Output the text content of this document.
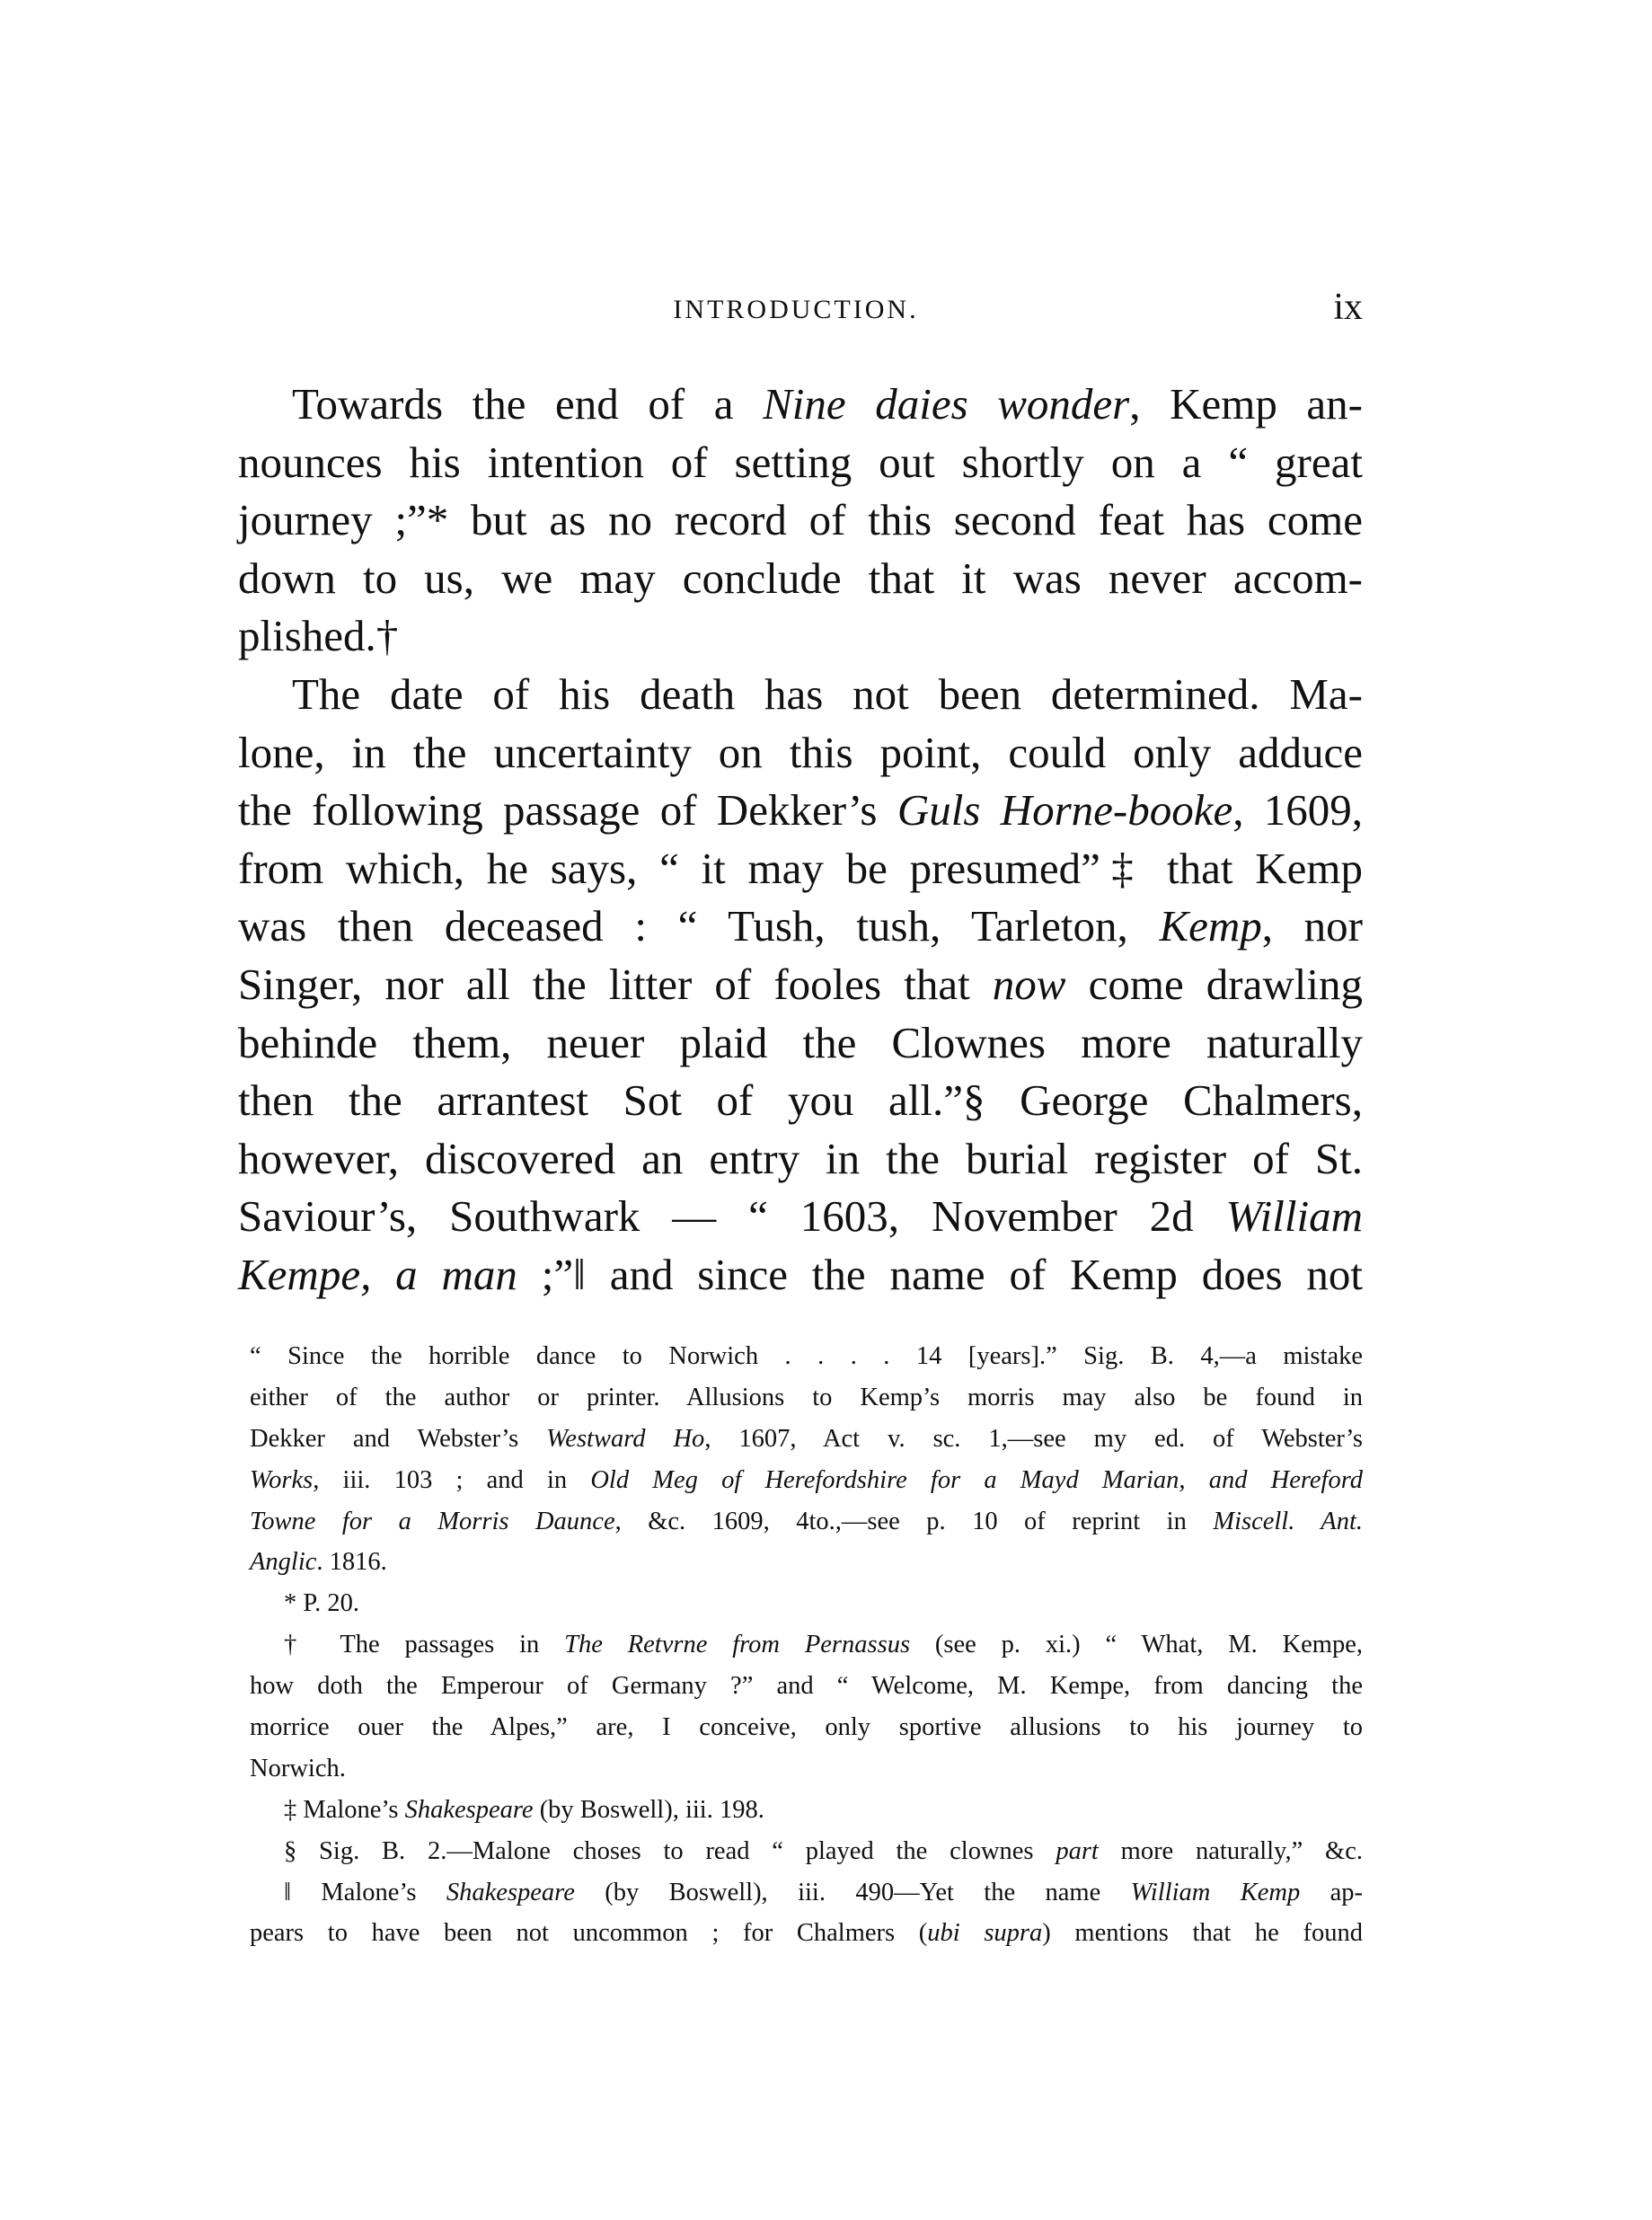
INTRODUCTION.	ix
Towards the end of a Nine daies wonder, Kemp an-
nounces his intention of setting out shortly on a “ great
journey ;”* but as no record of this second feat has come
down to us, we may conclude that it was never accom-
plished.†
The date of his death has not been determined. Ma-
lone, in the uncertainty on this point, could only adduce
the following passage of Dekker’s Guls Horne-booke, 1609,
from which, he says, “ it may be presumed”‡ that Kemp
was then deceased : “ Tush, tush, Tarleton, Kemp, nor
Singer, nor all the litter of fooles that now come drawling
behinde them, neuer plaid the Clownes more naturally
then the arrantest Sot of you all.”§ George Chalmers,
however, discovered an entry in the burial register of St.
Saviour’s, Southwark — “ 1603, November 2d William
Kempe, a man ;”‖ and since the name of Kemp does not
“ Since the horrible dance to Norwich . . . . 14 [years].” Sig. B. 4,—a mistake
either of the author or printer. Allusions to Kemp’s morris may also be found in
Dekker and Webster’s Westward Ho, 1607, Act v. sc. 1,—see my ed. of Webster’s
Works, iii. 103 ; and in Old Meg of Herefordshire for a Mayd Marian, and Hereford
Towne for a Morris Daunce, &c. 1609, 4to.,—see p. 10 of reprint in Miscell. Ant.
Anglic. 1816.
* P. 20.
† The passages in The Retvrne from Pernassus (see p. xi.) “ What, M. Kempe,
how doth the Emperour of Germany ?” and “ Welcome, M. Kempe, from dancing the
morrice ouer the Alpes,” are, I conceive, only sportive allusions to his journey to
Norwich.
‡ Malone’s Shakespeare (by Boswell), iii. 198.
§ Sig. B. 2.—Malone choses to read “ played the clownes part more naturally,” &c.
‖ Malone’s Shakespeare (by Boswell), iii. 490—Yet the name William Kemp ap-
pears to have been not uncommon ; for Chalmers (ubi supra) mentions that he found
